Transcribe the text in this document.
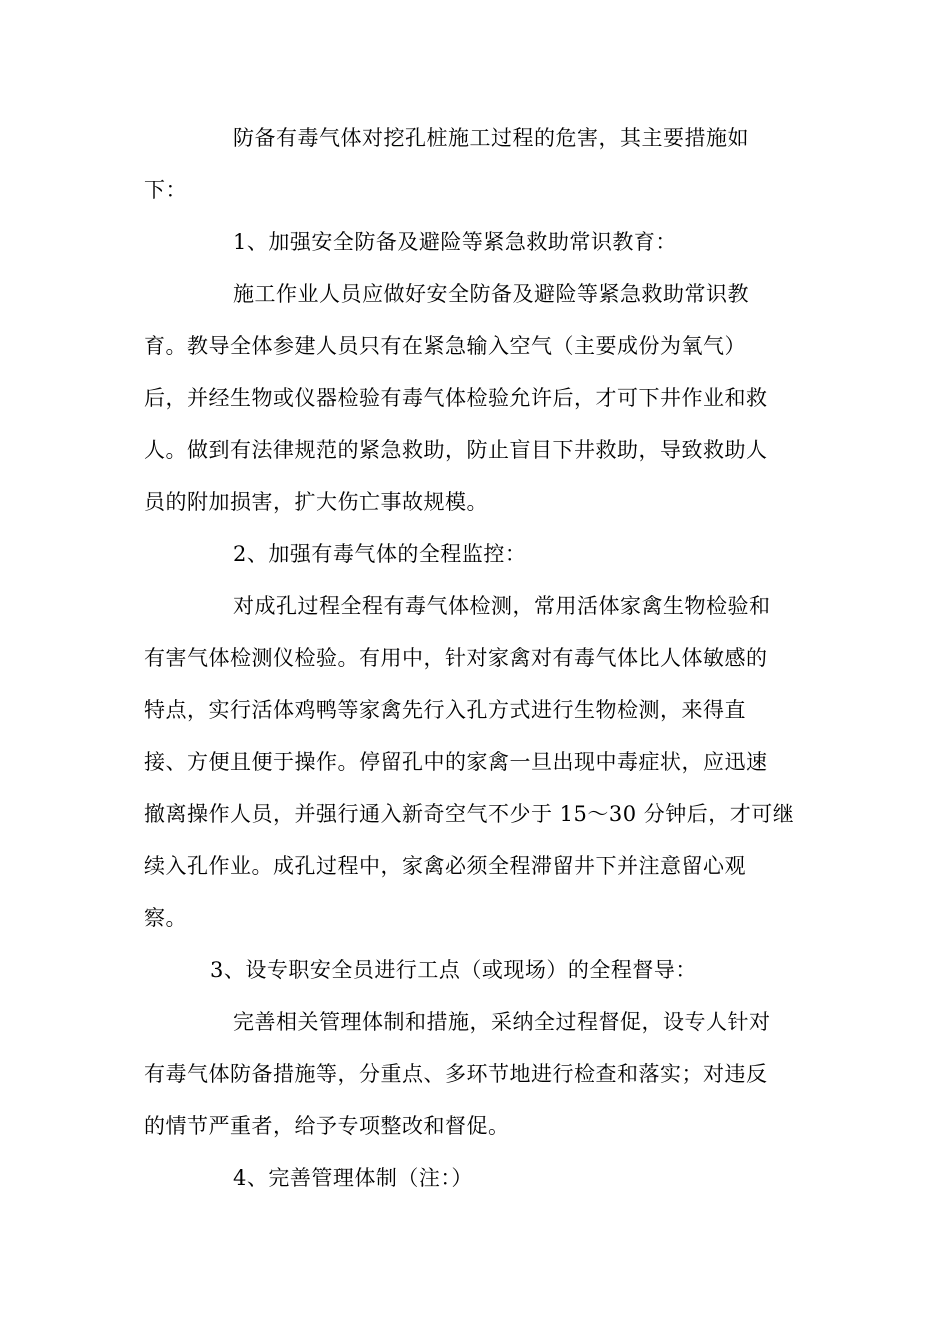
防备有毒气体对挖孔桩施工过程的危害，其主要措施如
下：
1、加强安全防备及避险等紧急救助常识教育：
施工作业人员应做好安全防备及避险等紧急救助常识教
育。教导全体参建人员只有在紧急输入空气（主要成份为氧气）
后，并经生物或仪器检验有毒气体检验允许后，才可下井作业和救
人。做到有法律规范的紧急救助，防止盲目下井救助，导致救助人
员的附加损害，扩大伤亡事故规模。
2、加强有毒气体的全程监控：
对成孔过程全程有毒气体检测，常用活体家禽生物检验和
有害气体检测仪检验。有用中，针对家禽对有毒气体比人体敏感的
特点，实行活体鸡鸭等家禽先行入孔方式进行生物检测，来得直
接、方便且便于操作。停留孔中的家禽一旦出现中毒症状，应迅速
撤离操作人员，并强行通入新奇空气不少于 15～30 分钟后，才可继
续入孔作业。成孔过程中，家禽必须全程滞留井下并注意留心观
察。
3、设专职安全员进行工点（或现场）的全程督导：
完善相关管理体制和措施，采纳全过程督促，设专人针对
有毒气体防备措施等，分重点、多环节地进行检查和落实；对违反
的情节严重者，给予专项整改和督促。
4、完善管理体制（注：）
